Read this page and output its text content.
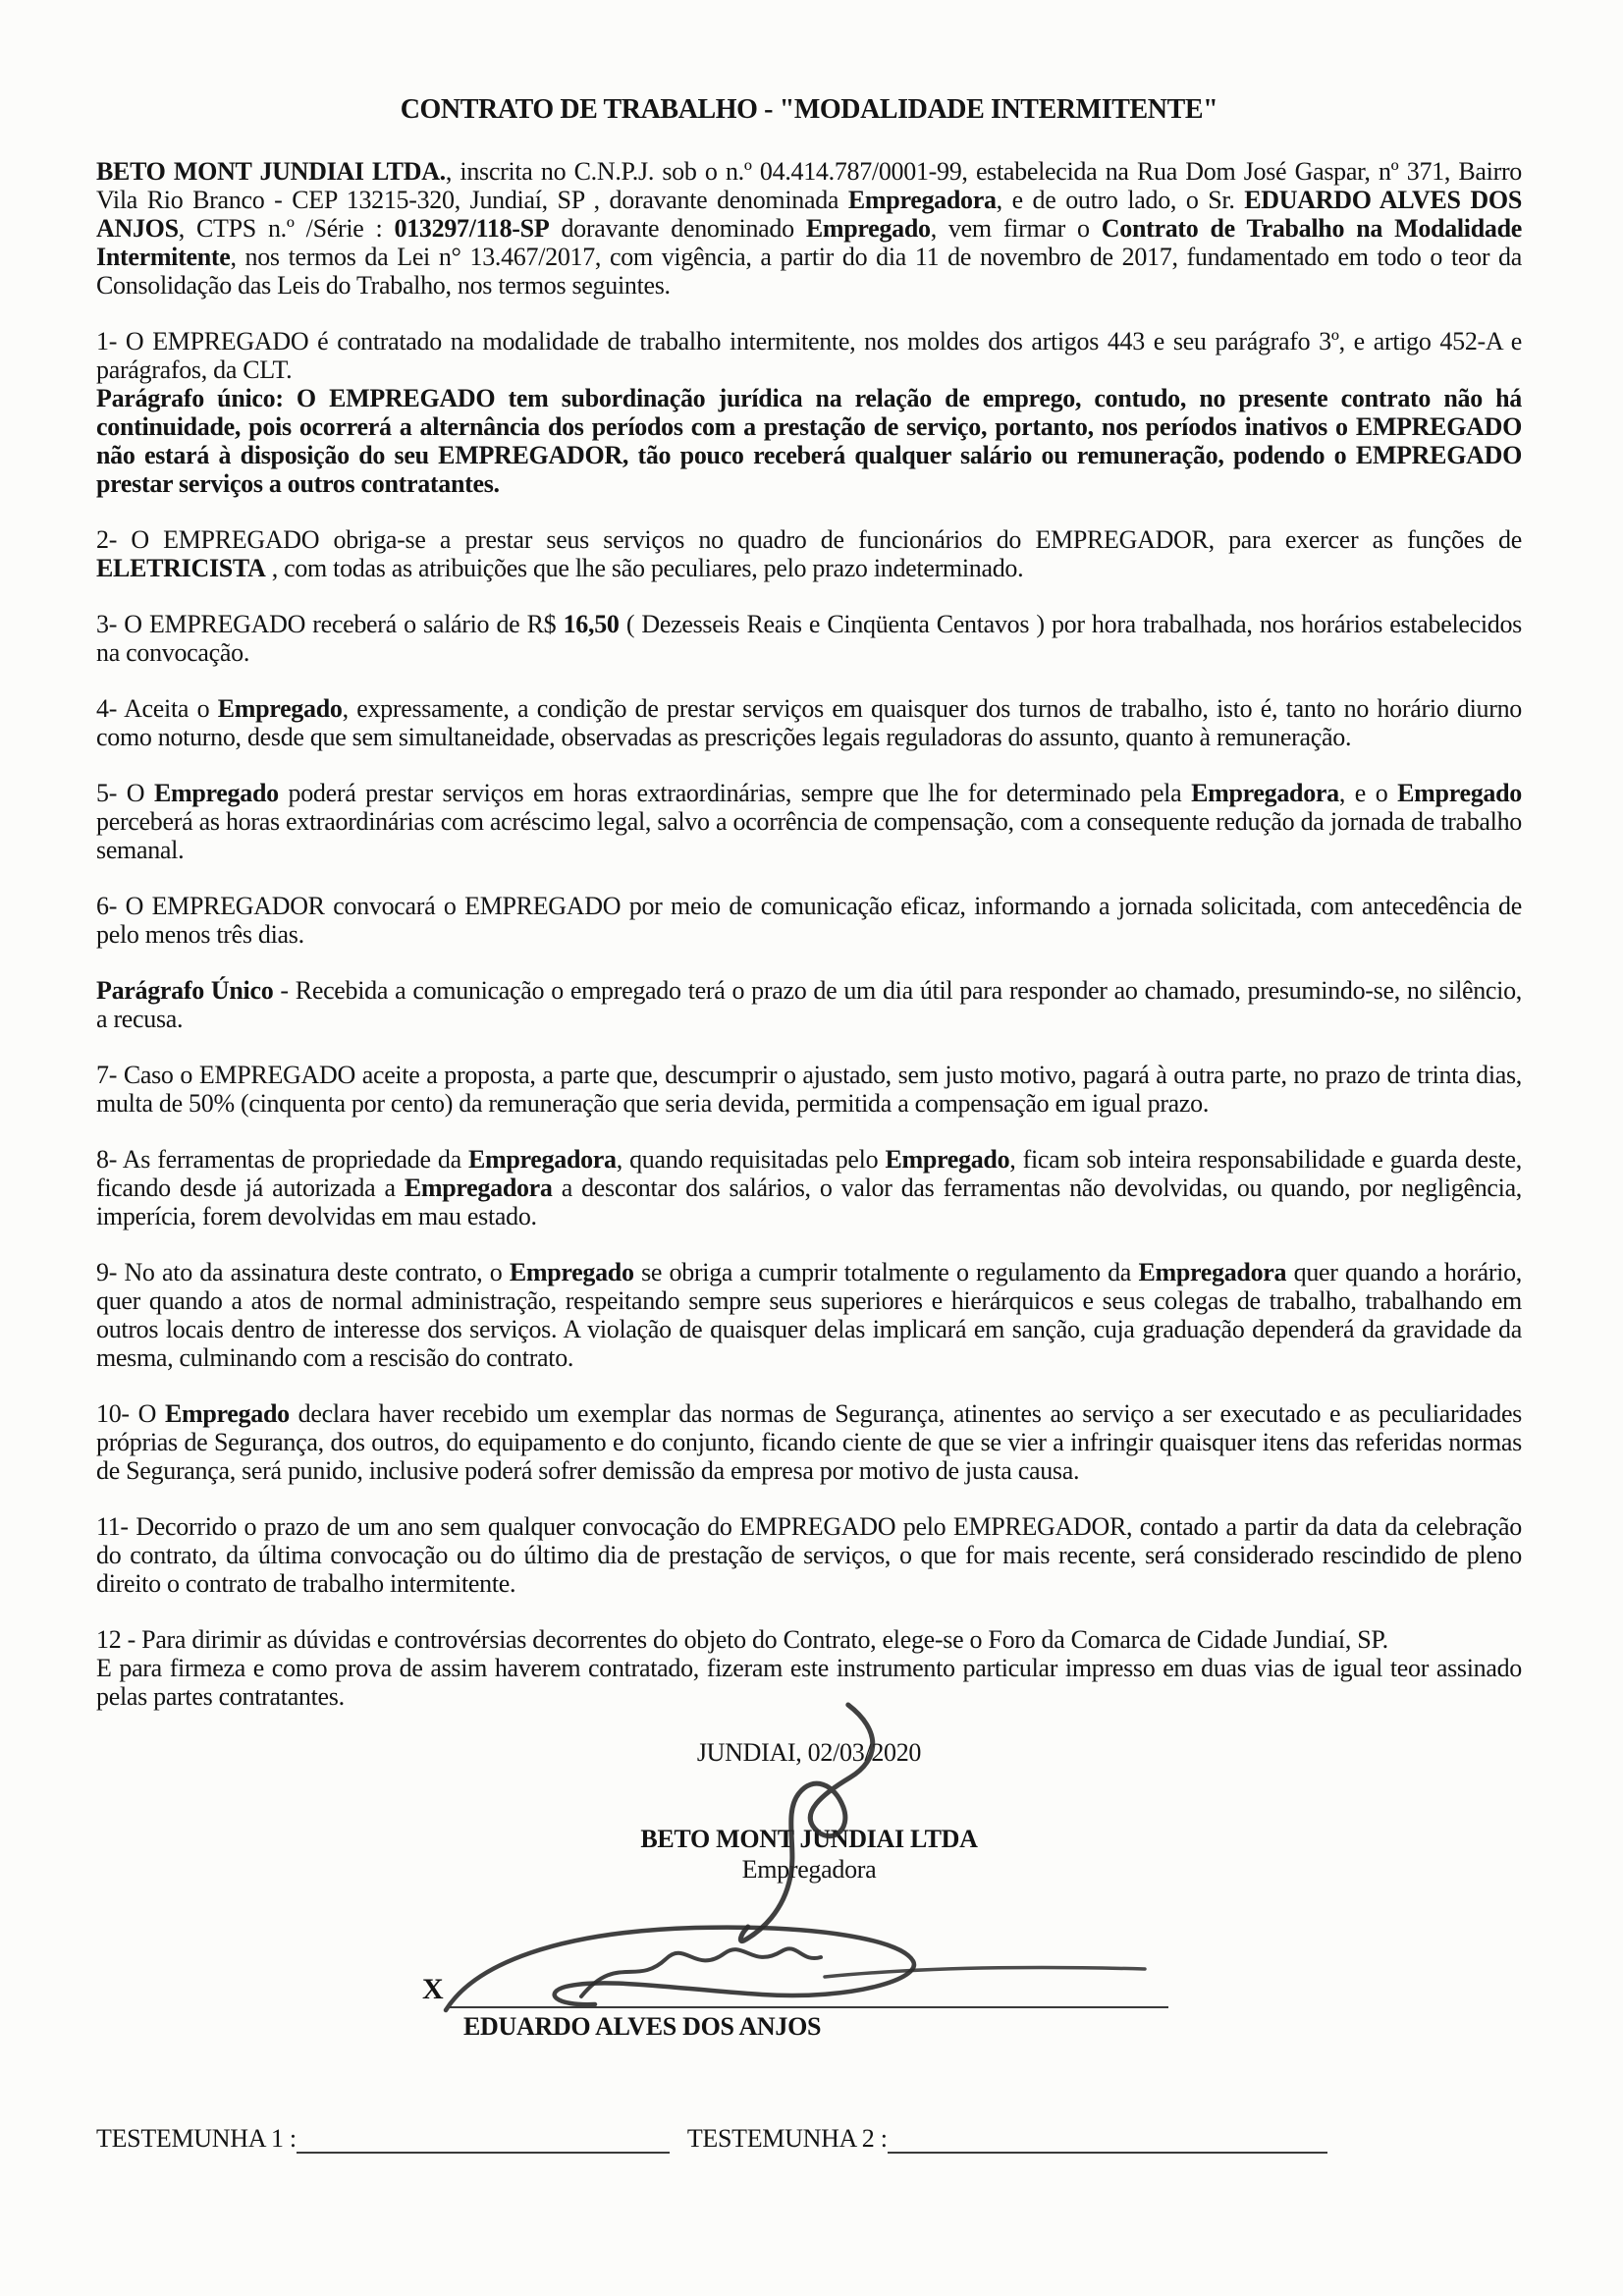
CONTRATO DE TRABALHO - "MODALIDADE INTERMITENTE"

BETO MONT JUNDIAI LTDA., inscrita no C.N.P.J. sob o n.º 04.414.787/0001-99, estabelecida na Rua Dom José Gaspar, nº 371, Bairro Vila Rio Branco - CEP 13215-320, Jundiaí, SP , doravante denominada Empregadora, e de outro lado, o Sr. EDUARDO ALVES DOS ANJOS, CTPS n.º /Série : 013297/118-SP doravante denominado Empregado, vem firmar o Contrato de Trabalho na Modalidade Intermitente, nos termos da Lei n° 13.467/2017, com vigência, a partir do dia 11 de novembro de 2017, fundamentado em todo o teor da Consolidação das Leis do Trabalho, nos termos seguintes.

1- O EMPREGADO é contratado na modalidade de trabalho intermitente, nos moldes dos artigos 443 e seu parágrafo 3º, e artigo 452-A e parágrafos, da CLT.

Parágrafo único: O EMPREGADO tem subordinação jurídica na relação de emprego, contudo, no presente contrato não há continuidade, pois ocorrerá a alternância dos períodos com a prestação de serviço, portanto, nos períodos inativos o EMPREGADO não estará à disposição do seu EMPREGADOR, tão pouco receberá qualquer salário ou remuneração, podendo o EMPREGADO prestar serviços a outros contratantes.

2- O EMPREGADO obriga-se a prestar seus serviços no quadro de funcionários do EMPREGADOR, para exercer as funções de ELETRICISTA , com todas as atribuições que lhe são peculiares, pelo prazo indeterminado.

3- O EMPREGADO receberá o salário de R$ 16,50 ( Dezesseis Reais e Cinqüenta Centavos ) por hora trabalhada, nos horários estabelecidos na convocação.

4- Aceita o Empregado, expressamente, a condição de prestar serviços em quaisquer dos turnos de trabalho, isto é, tanto no horário diurno como noturno, desde que sem simultaneidade, observadas as prescrições legais reguladoras do assunto, quanto à remuneração.

5- O Empregado poderá prestar serviços em horas extraordinárias, sempre que lhe for determinado pela Empregadora, e o Empregado perceberá as horas extraordinárias com acréscimo legal, salvo a ocorrência de compensação, com a consequente redução da jornada de trabalho semanal.

6- O EMPREGADOR convocará o EMPREGADO por meio de comunicação eficaz, informando a jornada solicitada, com antecedência de pelo menos três dias.

Parágrafo Único - Recebida a comunicação o empregado terá o prazo de um dia útil para responder ao chamado, presumindo-se, no silêncio, a recusa.

7- Caso o EMPREGADO aceite a proposta, a parte que, descumprir o ajustado, sem justo motivo, pagará à outra parte, no prazo de trinta dias, multa de 50% (cinquenta por cento) da remuneração que seria devida, permitida a compensação em igual prazo.

8- As ferramentas de propriedade da Empregadora, quando requisitadas pelo Empregado, ficam sob inteira responsabilidade e guarda deste, ficando desde já autorizada a Empregadora a descontar dos salários, o valor das ferramentas não devolvidas, ou quando, por negligência, imperícia, forem devolvidas em mau estado.

9- No ato da assinatura deste contrato, o Empregado se obriga a cumprir totalmente o regulamento da Empregadora quer quando a horário, quer quando a atos de normal administração, respeitando sempre seus superiores e hierárquicos e seus colegas de trabalho, trabalhando em outros locais dentro de interesse dos serviços. A violação de quaisquer delas implicará em sanção, cuja graduação dependerá da gravidade da mesma, culminando com a rescisão do contrato.

10- O Empregado declara haver recebido um exemplar das normas de Segurança, atinentes ao serviço a ser executado e as peculiaridades próprias de Segurança, dos outros, do equipamento e do conjunto, ficando ciente de que se vier a infringir quaisquer itens das referidas normas de Segurança, será punido, inclusive poderá sofrer demissão da empresa por motivo de justa causa.

11- Decorrido o prazo de um ano sem qualquer convocação do EMPREGADO pelo EMPREGADOR, contado a partir da data da celebração do contrato, da última convocação ou do último dia de prestação de serviços, o que for mais recente, será considerado rescindido de pleno direito o contrato de trabalho intermitente.

12 - Para dirimir as dúvidas e controvérsias decorrentes do objeto do Contrato, elege-se o Foro da Comarca de Cidade Jundiaí, SP.

E para firmeza e como prova de assim haverem contratado, fizeram este instrumento particular impresso em duas vias de igual teor assinado pelas partes contratantes.

JUNDIAI, 02/03/2020
BETO MONT JUNDIAI LTDA
Empregadora
X
EDUARDO ALVES DOS ANJOS
TESTEMUNHA 1 :	TESTEMUNHA 2 :
